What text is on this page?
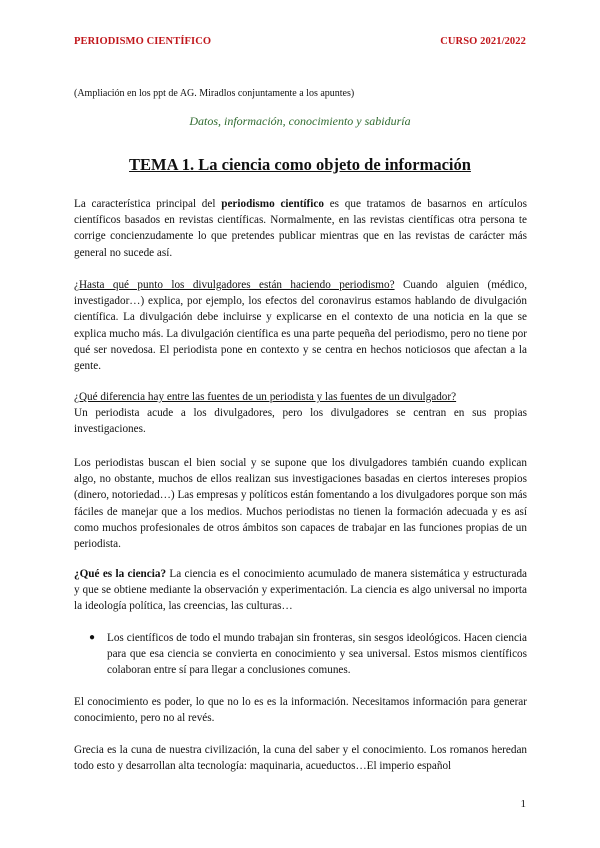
PERIODISMO CIENTÍFICO	CURSO 2021/2022
(Ampliación en los ppt de AG. Miradlos conjuntamente a los apuntes)
Datos, información, conocimiento y sabiduría
TEMA 1. La ciencia como objeto de información
La característica principal del periodismo científico es que tratamos de basarnos en artículos científicos basados en revistas científicas. Normalmente, en las revistas científicas otra persona te corrige concienzudamente lo que pretendes publicar mientras que en las revistas de carácter más general no sucede así.
¿Hasta qué punto los divulgadores están haciendo periodismo? Cuando alguien (médico, investigador…) explica, por ejemplo, los efectos del coronavirus estamos hablando de divulgación científica. La divulgación debe incluirse y explicarse en el contexto de una noticia en la que se explica mucho más. La divulgación científica es una parte pequeña del periodismo, pero no tiene por qué ser novedosa. El periodista pone en contexto y se centra en hechos noticiosos que afectan a la gente.
¿Qué diferencia hay entre las fuentes de un periodista y las fuentes de un divulgador?
Un periodista acude a los divulgadores, pero los divulgadores se centran en sus propias investigaciones.
Los periodistas buscan el bien social y se supone que los divulgadores también cuando explican algo, no obstante, muchos de ellos realizan sus investigaciones basadas en ciertos intereses propios (dinero, notoriedad…) Las empresas y políticos están fomentando a los divulgadores porque son más fáciles de manejar que a los medios. Muchos periodistas no tienen la formación adecuada y es así como muchos profesionales de otros ámbitos son capaces de trabajar en las funciones propias de un periodista.
¿Qué es la ciencia? La ciencia es el conocimiento acumulado de manera sistemática y estructurada y que se obtiene mediante la observación y experimentación. La ciencia es algo universal no importa la ideología política, las creencias, las culturas…
● Los científicos de todo el mundo trabajan sin fronteras, sin sesgos ideológicos. Hacen ciencia para que esa ciencia se convierta en conocimiento y sea universal. Estos mismos científicos colaboran entre sí para llegar a conclusiones comunes.
El conocimiento es poder, lo que no lo es es la información. Necesitamos información para generar conocimiento, pero no al revés.
Grecia es la cuna de nuestra civilización, la cuna del saber y el conocimiento. Los romanos heredan todo esto y desarrollan alta tecnología: maquinaria, acueductos…El imperio español
1
